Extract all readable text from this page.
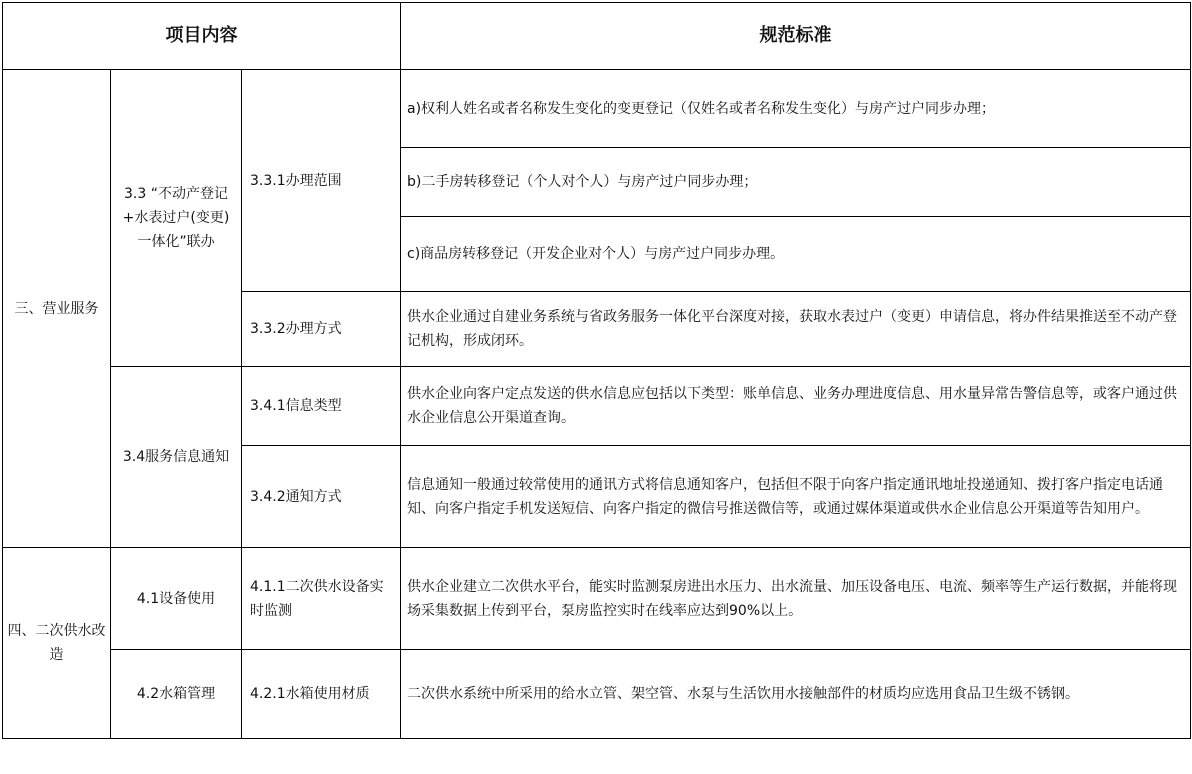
项目内容			规范标准
三、营业服务	3.3 “不动产登记+水表过户(变更)一体化”联办	3.3.1办理范围	a)权利人姓名或者名称发生变化的变更登记（仅姓名或者名称发生变化）与房产过户同步办理；
			b)二手房转移登记（个人对个人）与房产过户同步办理；
			c)商品房转移登记（开发企业对个人）与房产过户同步办理。
		3.3.2办理方式	供水企业通过自建业务系统与省政务服务一体化平台深度对接，获取水表过户（变更）申请信息，将办件结果推送至不动产登记机构，形成闭环。
	3.4服务信息通知	3.4.1信息类型	供水企业向客户定点发送的供水信息应包括以下类型：账单信息、业务办理进度信息、用水量异常告警信息等，或客户通过供水企业信息公开渠道查询。
		3.4.2通知方式	信息通知一般通过较常使用的通讯方式将信息通知客户，包括但不限于向客户指定通讯地址投递通知、拨打客户指定电话通知、向客户指定手机发送短信、向客户指定的微信号推送微信等，或通过媒体渠道或供水企业信息公开渠道等告知用户。
四、二次供水改造	4.1设备使用	4.1.1二次供水设备实时监测	供水企业建立二次供水平台，能实时监测泵房进出水压力、出水流量、加压设备电压、电流、频率等生产运行数据，并能将现场采集数据上传到平台，泵房监控实时在线率应达到90%以上。
	4.2水箱管理	4.2.1水箱使用材质	二次供水系统中所采用的给水立管、架空管、水泵与生活饮用水接触部件的材质均应选用食品卫生级不锈钢。
